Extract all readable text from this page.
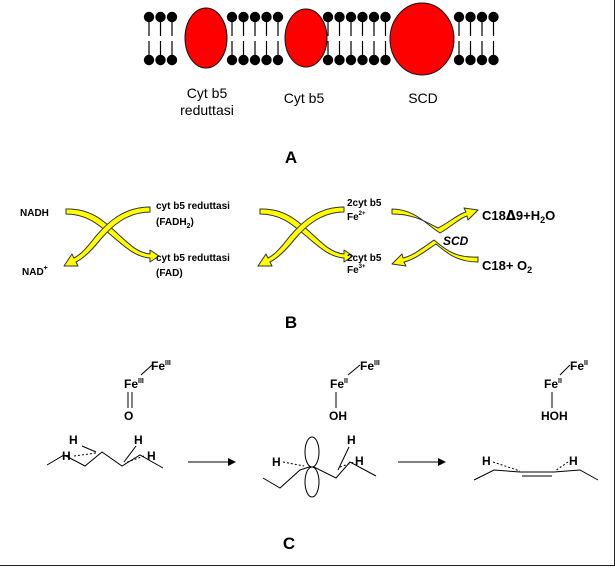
Cyt b5
reduttasi
Cyt b5	SCD
A
NADH
NAD+
cyt b5 reduttasi
$(FADH_2)$
cyt b5 reduttasi
(FAD)
2cyt b5
$Fe^{2+}$
2cyt b5
$Fe^{3+}$
SCD
$C18\Delta 9+H_2O$
$C18+ O_2$
B
$Fe^{III}$
$Fe^{III}$
O
H
H
H
H
$Fe^{III}$
$Fe^{II}$
OH
H
H
H
$Fe^{II}$
$Fe^{II}$
HOH
H	H
C
